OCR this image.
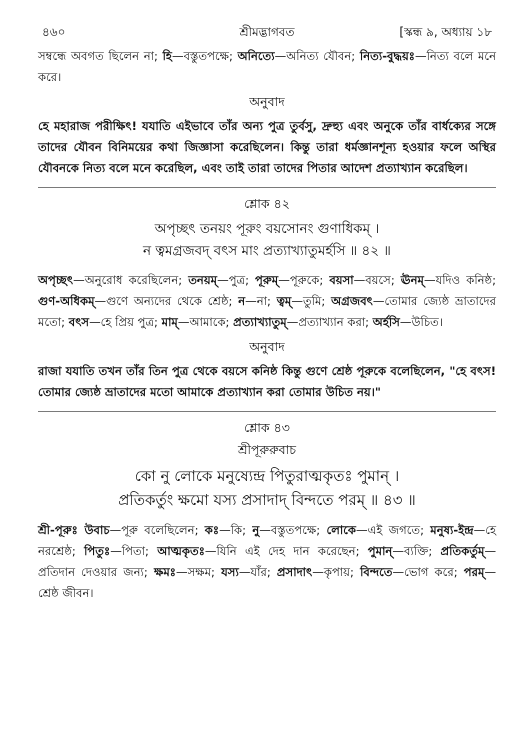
৪৬০	শ্রীমদ্ভাগবত	[স্কন্ধ ৯, অধ্যায় ১৮
সম্বন্ধে অবগত ছিলেন না; হি—বস্তুতপক্ষে; অনিত্যে—অনিত্য যৌবন; নিত্য-বুদ্ধয়ঃ—নিত্য বলে মনে করে।
অনুবাদ
হে মহারাজ পরীক্ষিৎ! যযাতি এইভাবে তাঁর অন্য পুত্র তুর্বসু, দ্রুহ্যু এবং অনুকে তাঁর বার্ধক্যের সঙ্গে তাদের যৌবন বিনিময়ের কথা জিজ্ঞাসা করেছিলেন। কিন্তু তারা ধর্মজ্ঞানশূন্য হওয়ার ফলে অস্থির যৌবনকে নিত্য বলে মনে করেছিল, এবং তাই তারা তাদের পিতার আদেশ প্রত্যাখ্যান করেছিল।
শ্লোক ৪২
অপৃচ্ছৎ তনয়ং পূরুং বয়সোনং গুণাধিকম্ ।
ন ত্বমগ্রজবদ্ বৎস মাং প্রত্যাখ্যাতুমর্হসি ॥ ৪২ ॥
অপৃচ্ছৎ—অনুরোধ করেছিলেন; তনয়ম্—পুত্র; পূরুম্—পূরুকে; বয়সা—বয়সে; ঊনম্—যদিও কনিষ্ঠ; গুণ-অধিকম্—গুণে অন্যদের থেকে শ্রেষ্ঠ; ন—না; ত্বম্—তুমি; অগ্রজবৎ—তোমার জ্যেষ্ঠ ভ্রাতাদের মতো; বৎস—হে প্রিয় পুত্র; মাম্—আমাকে; প্রত্যাখ্যাতুম্—প্রত্যাখ্যান করা; অর্হসি—উচিত।
অনুবাদ
রাজা যযাতি তখন তাঁর তিন পুত্র থেকে বয়সে কনিষ্ঠ কিন্তু গুণে শ্রেষ্ঠ পূরুকে বলেছিলেন, "হে বৎস! তোমার জ্যেষ্ঠ ভ্রাতাদের মতো আমাকে প্রত্যাখ্যান করা তোমার উচিত নয়।"
শ্লোক ৪৩
শ্রীপূরুরুবাচ
কো নু লোকে মনুষ্যেন্দ্র পিতুরাত্মকৃতঃ পুমান্ ।
প্রতিকর্তুং ক্ষমো যস্য প্রসাদাদ্ বিন্দতে পরম্ ॥ ৪৩ ॥
শ্রী-পূরুঃ উবাচ—পূরু বলেছিলেন; কঃ—কি; নু—বস্তুতপক্ষে; লোকে—এই জগতে; মনুষ্য-ইন্দ্র—হে নরশ্রেষ্ঠ; পিতুঃ—পিতা; আত্মকৃতঃ—যিনি এই দেহ দান করেছেন; পুমান্—ব্যক্তি; প্রতিকর্তুম্—প্রতিদান দেওয়ার জন্য; ক্ষমঃ—সক্ষম; যস্য—যাঁর; প্রসাদাৎ—কৃপায়; বিন্দতে—ভোগ করে; পরম্—শ্রেষ্ঠ জীবন।
